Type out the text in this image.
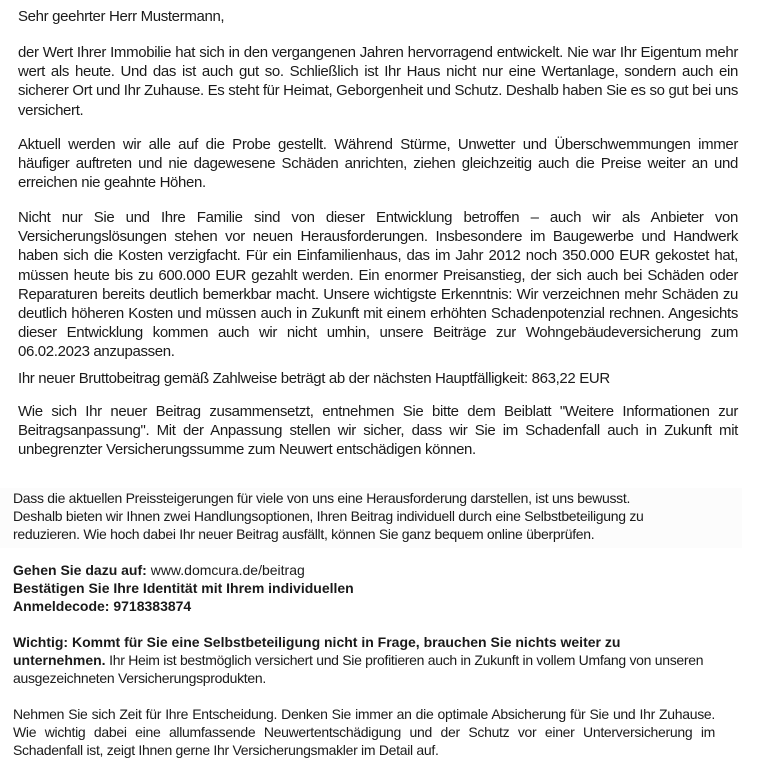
Sehr geehrter Herr Mustermann,

der Wert Ihrer Immobilie hat sich in den vergangenen Jahren hervorragend entwickelt. Nie war Ihr Eigentum mehr wert als heute. Und das ist auch gut so. Schließlich ist Ihr Haus nicht nur eine Wertanlage, sondern auch ein sicherer Ort und Ihr Zuhause. Es steht für Heimat, Geborgenheit und Schutz. Deshalb haben Sie es so gut bei uns versichert.

Aktuell werden wir alle auf die Probe gestellt. Während Stürme, Unwetter und Überschwemmungen immer häufiger auftreten und nie dagewesene Schäden anrichten, ziehen gleichzeitig auch die Preise weiter an und erreichen nie geahnte Höhen.

Nicht nur Sie und Ihre Familie sind von dieser Entwicklung betroffen – auch wir als Anbieter von Versicherungslösungen stehen vor neuen Herausforderungen. Insbesondere im Baugewerbe und Handwerk haben sich die Kosten verzigfacht. Für ein Einfamilienhaus, das im Jahr 2012 noch 350.000 EUR gekostet hat, müssen heute bis zu 600.000 EUR gezahlt werden. Ein enormer Preisanstieg, der sich auch bei Schäden oder Reparaturen bereits deutlich bemerkbar macht. Unsere wichtigste Erkenntnis: Wir verzeichnen mehr Schäden zu deutlich höheren Kosten und müssen auch in Zukunft mit einem erhöhten Schadenpotenzial rechnen. Angesichts dieser Entwicklung kommen auch wir nicht umhin, unsere Beiträge zur Wohngebäudeversicherung zum 06.02.2023 anzupassen.

Ihr neuer Bruttobeitrag gemäß Zahlweise beträgt ab der nächsten Hauptfälligkeit: 863,22 EUR

Wie sich Ihr neuer Beitrag zusammensetzt, entnehmen Sie bitte dem Beiblatt "Weitere Informationen zur Beitragsanpassung". Mit der Anpassung stellen wir sicher, dass wir Sie im Schadenfall auch in Zukunft mit unbegrenzter Versicherungssumme zum Neuwert entschädigen können.

Dass die aktuellen Preissteigerungen für viele von uns eine Herausforderung darstellen, ist uns bewusst.
Deshalb bieten wir Ihnen zwei Handlungsoptionen, Ihren Beitrag individuell durch eine Selbstbeteiligung zu
reduzieren. Wie hoch dabei Ihr neuer Beitrag ausfällt, können Sie ganz bequem online überprüfen.

Gehen Sie dazu auf: www.domcura.de/beitrag
Bestätigen Sie Ihre Identität mit Ihrem individuellen
Anmeldecode: 9718383874

Wichtig: Kommt für Sie eine Selbstbeteiligung nicht in Frage, brauchen Sie nichts weiter zu unternehmen. Ihr Heim ist bestmöglich versichert und Sie profitieren auch in Zukunft in vollem Umfang von unseren ausgezeichneten Versicherungsprodukten.

Nehmen Sie sich Zeit für Ihre Entscheidung. Denken Sie immer an die optimale Absicherung für Sie und Ihr Zuhause. Wie wichtig dabei eine allumfassende Neuwertentschädigung und der Schutz vor einer Unterversicherung im Schadenfall ist, zeigt Ihnen gerne Ihr Versicherungsmakler im Detail auf.
